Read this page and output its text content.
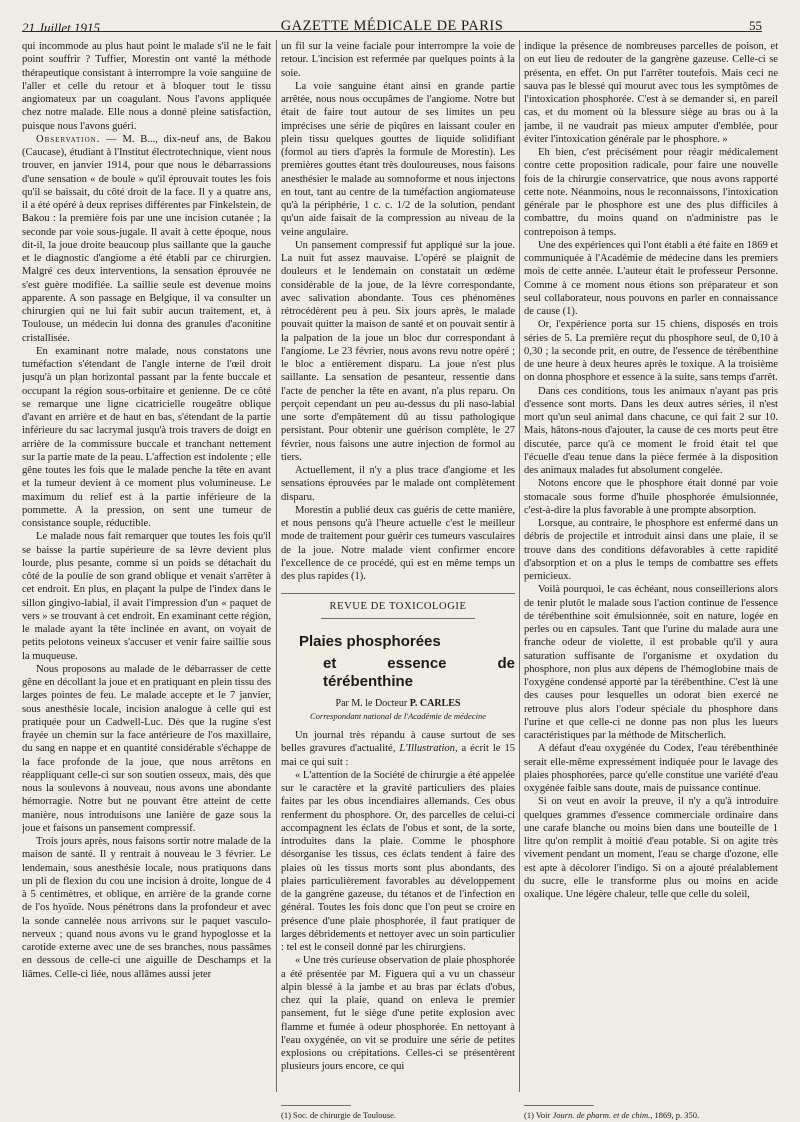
21 Juillet 1915	GAZETTE MÉDICALE DE PARIS	55

qui incommode au plus haut point le malade s'il ne le fait point souffrir ? Tuffier, Morestin ont vanté la méthode thérapeutique consistant à interrompre la voie sanguine de l'aller et celle du retour et à bloquer tout le tissu angiomateux par un coagulant. Nous l'avons appliquée chez notre malade. Elle nous a donné pleine satisfaction, puisque nous l'avons guéri.

Observation. — M. B..., dix-neuf ans, de Bakou (Caucase), étudiant à l'Institut électrotechnique, vient nous trouver, en janvier 1914, pour que nous le débarrassions d'une sensation « de boule » qu'il éprouvait toutes les fois qu'il se baissait, du côté droit de la face. Il y a quatre ans, il a été opéré à deux reprises différentes par Finkelstein, de Bakou : la première fois par une une incision cutanée ; la seconde par voie sous-jugale. Il avait à cette époque, nous dit-il, la joue droite beaucoup plus saillante que la gauche et le diagnostic d'angiome a été établi par ce chirurgien. Malgré ces deux interventions, la sensation éprouvée ne s'est guère modifiée. La saillie seule est devenue moins apparente. A son passage en Belgique, il va consulter un chirurgien qui ne lui fait subir aucun traitement, et, à Toulouse, un médecin lui donna des granules d'aconitine cristallisée.

En examinant notre malade, nous constatons une tuméfaction s'étendant de l'angle interne de l'œil droit jusqu'à un plan horizontal passant par la fente buccale et occupant la région sous-orbitaire et genienne. De ce côté se remarque une ligne cicatricielle rougeâtre oblique d'avant en arrière et de haut en bas, s'étendant de la partie inférieure du sac lacrymal jusqu'à trois travers de doigt en arrière de la commissure buccale et tranchant nettement sur la partie mate de la peau. L'affection est indolente ; elle gêne toutes les fois que le malade penche la tête en avant et la tumeur devient à ce moment plus volumineuse. Le maximum du relief est à la partie inférieure de la pommette. A la pression, on sent une tumeur de consistance souple, réductible.

Le malade nous fait remarquer que toutes les fois qu'il se baisse la partie supérieure de sa lèvre devient plus lourde, plus pesante, comme si un poids se détachait du côté de la poulie de son grand oblique et venait s'arrêter à cet endroit. En plus, en plaçant la pulpe de l'index dans le sillon gingivo-labial, il avait l'impression d'un « paquet de vers » se trouvant à cet endroit. En examinant cette région, le malade ayant la tête inclinée en avant, on voyait de petits pelotons veineux s'accuser et venir faire saillie sous la muqueuse.

Nous proposons au malade de le débarrasser de cette gêne en décollant la joue et en pratiquant en plein tissu des larges pointes de feu. Le malade accepte et le 7 janvier, sous anesthésie locale, incision analogue à celle qui est pratiquée pour un Cadwell-Luc. Dès que la rugine s'est frayée un chemin sur la face antérieure de l'os maxillaire, du sang en nappe et en quantité considérable s'échappe de la face profonde de la joue, que nous arrêtons en réappliquant celle-ci sur son soutien osseux, mais, dès que nous la soulevons à nouveau, nous avons une abondante hémorragie. Notre but ne pouvant être atteint de cette manière, nous introduisons une lanière de gaze sous la joue et faisons un pansement compressif.

Trois jours après, nous faisons sortir notre malade de la maison de santé. Il y rentrait à nouveau le 3 février. Le lendemain, sous anesthésie locale, nous pratiquons dans un pli de flexion du cou une incision à droite, longue de 4 à 5 centimètres, et oblique, en arrière de la grande corne de l'os hyoïde. Nous pénétrons dans la profondeur et avec la sonde cannelée nous arrivons sur le paquet vasculo-nerveux ; quand nous avons vu le grand hypoglosse et la carotide externe avec une de ses branches, nous passâmes en dessous de celle-ci une aiguille de Deschamps et la liâmes. Celle-ci liée, nous allâmes aussi jeter

un fil sur la veine faciale pour interrompre la voie de retour. L'incision est refermée par quelques points à la soie.

La voie sanguine étant ainsi en grande partie arrêtée, nous nous occupâmes de l'angiome. Notre but était de faire tout autour de ses limites un peu imprécises une série de piqûres en laissant couler en plein tissu quelques gouttes de liquide solidifiant (formol au tiers d'après la formule de Morestin). Les premières gouttes étant très douloureuses, nous faisons anesthésier le malade au somnoforme et nous injectons en tout, tant au centre de la tuméfaction angiomateuse qu'à la périphérie, 1 c. c. 1/2 de la solution, pendant qu'un aide faisait de la compression au niveau de la veine angulaire.

Un pansement compressif fut appliqué sur la joue. La nuit fut assez mauvaise. L'opéré se plaignit de douleurs et le lendemain on constatait un œdème considérable de la joue, de la lèvre correspondante, avec salivation abondante. Tous ces phénomènes rétrocédèrent peu à peu. Six jours après, le malade pouvait quitter la maison de santé et on pouvait sentir à la palpation de la joue un bloc dur correspondant à l'angiome. Le 23 février, nous avons revu notre opéré ; le bloc a entièrement disparu. La joue n'est plus saillante. La sensation de pesanteur, ressentie dans l'acte de pencher la tête en avant, n'a plus reparu. On perçoit cependant un peu au-dessus du pli naso-labial une sorte d'empâtement dû au tissu pathologique persistant. Pour obtenir une guérison complète, le 27 février, nous faisons une autre injection de formol au tiers.

Actuellement, il n'y a plus trace d'angiome et les sensations éprouvées par le malade ont complètement disparu.

Morestin a publié deux cas guéris de cette manière, et nous pensons qu'à l'heure actuelle c'est le meilleur mode de traitement pour guérir ces tumeurs vasculaires de la joue. Notre malade vient confirmer encore l'excellence de ce procédé, qui est en même temps un des plus rapides (1).

REVUE DE TOXICOLOGIE
Plaies phosphorées
et essence de térébenthine
Par M. le Docteur P. CARLES
Correspondant national de l'Académie de médecine

Un journal très répandu à cause surtout de ses belles gravures d'actualité, L'Illustration, a écrit le 15 mai ce qui suit :

« L'attention de la Société de chirurgie a été appelée sur le caractère et la gravité particuliers des plaies faites par les obus incendiaires allemands. Ces obus renferment du phosphore. Or, des parcelles de celui-ci accompagnent les éclats de l'obus et sont, de la sorte, introduites dans la plaie. Comme le phosphore désorganise les tissus, ces éclats tendent à faire des plaies où les tissus morts sont plus abondants, des plaies particulièrement favorables au développement de la gangrène gazeuse, du tétanos et de l'infection en général. Toutes les fois donc que l'on peut se croire en présence d'une plaie phosphorée, il faut pratiquer de larges débridements et nettoyer avec un soin particulier : tel est le conseil donné par les chirurgiens.

« Une très curieuse observation de plaie phosphorée a été présentée par M. Figuera qui a vu un chasseur alpin blessé à la jambe et au bras par éclats d'obus, chez qui la plaie, quand on enleva le premier pansement, fut le siège d'une petite explosion avec flamme et fumée à odeur phosphorée. En nettoyant à l'eau oxygénée, on vit se produire une série de petites explosions ou crépitations. Celles-ci se présentèrent plusieurs jours encore, ce qui

indique la présence de nombreuses parcelles de poison, et on eut lieu de redouter de la gangrène gazeuse. Celle-ci se présenta, en effet. On put l'arrêter toutefois. Mais ceci ne sauva pas le blessé qui mourut avec tous les symptômes de l'intoxication phosphorée. C'est à se demander si, en pareil cas, et du moment où la blessure siège au bras ou à la jambe, il ne vaudrait pas mieux amputer d'emblée, pour éviter l'intoxication générale par le phosphore. »

Eh bien, c'est précisément pour réagir médicalement contre cette proposition radicale, pour faire une nouvelle fois de la chirurgie conservatrice, que nous avons rapporté cette note. Néanmoins, nous le reconnaissons, l'intoxication générale par le phosphore est une des plus difficiles à combattre, du moins quand on n'administre pas le contrepoison à temps.

Une des expériences qui l'ont établi a été faite en 1869 et communiquée à l'Académie de médecine dans les premiers mois de cette année. L'auteur était le professeur Personne. Comme à ce moment nous étions son préparateur et son seul collaborateur, nous pouvons en parler en connaissance de cause (1).

Or, l'expérience porta sur 15 chiens, disposés en trois séries de 5. La première reçut du phosphore seul, de 0,10 à 0,30 ; la seconde prit, en outre, de l'essence de térébenthine de une heure à deux heures après le toxique. A la troisième on donna phosphore et essence à la suite, sans temps d'arrêt.

Dans ces conditions, tous les animaux n'ayant pas pris d'essence sont morts. Dans les deux autres séries, il n'est mort qu'un seul animal dans chacune, ce qui fait 2 sur 10. Mais, hâtons-nous d'ajouter, la cause de ces morts peut être discutée, parce qu'à ce moment le froid était tel que l'écuelle d'eau tenue dans la pièce fermée à la disposition des animaux malades fut absolument congelée.

Notons encore que le phosphore était donné par voie stomacale sous forme d'huile phosphorée émulsionnée, c'est-à-dire la plus favorable à une prompte absorption.

Lorsque, au contraire, le phosphore est enfermé dans un débris de projectile et introduit ainsi dans une plaie, il se trouve dans des conditions défavorables à cette rapidité d'absorption et on a plus le temps de combattre ses effets pernicieux.

Voilà pourquoi, le cas échéant, nous conseillerions alors de tenir plutôt le malade sous l'action continue de l'essence de térébenthine soit émulsionnée, soit en nature, logée en perles ou en capsules. Tant que l'urine du malade aura une franche odeur de violette, il est probable qu'il y aura saturation suffisante de l'organisme et oxydation du phosphore, non plus aux dépens de l'hémoglobine mais de l'oxygène condensé apporté par la térébenthine. C'est là une des causes pour lesquelles un odorat bien exercé ne retrouve plus alors l'odeur spéciale du phosphore dans l'urine et que celle-ci ne donne pas non plus les lueurs caractéristiques par la méthode de Mitscherlich.

A défaut d'eau oxygénée du Codex, l'eau térébenthinée serait elle-même expressément indiquée pour le lavage des plaies phosphorées, parce qu'elle constitue une variété d'eau oxygénée faible sans doute, mais de puissance continue.

Si on veut en avoir la preuve, il n'y a qu'à introduire quelques grammes d'essence commerciale ordinaire dans une carafe blanche ou moins bien dans une bouteille de 1 litre qu'on remplit à moitié d'eau potable. Si on agite très vivement pendant un moment, l'eau se charge d'ozone, elle est apte à décolorer l'indigo. Si on a ajouté préalablement du sucre, elle le transforme plus ou moins en acide oxalique. Une légère chaleur, telle que celle du soleil,

(1) Soc. de chirurgie de Toulouse.	(1) Voir Journ. de pharm. et de chim., 1869, p. 350.
